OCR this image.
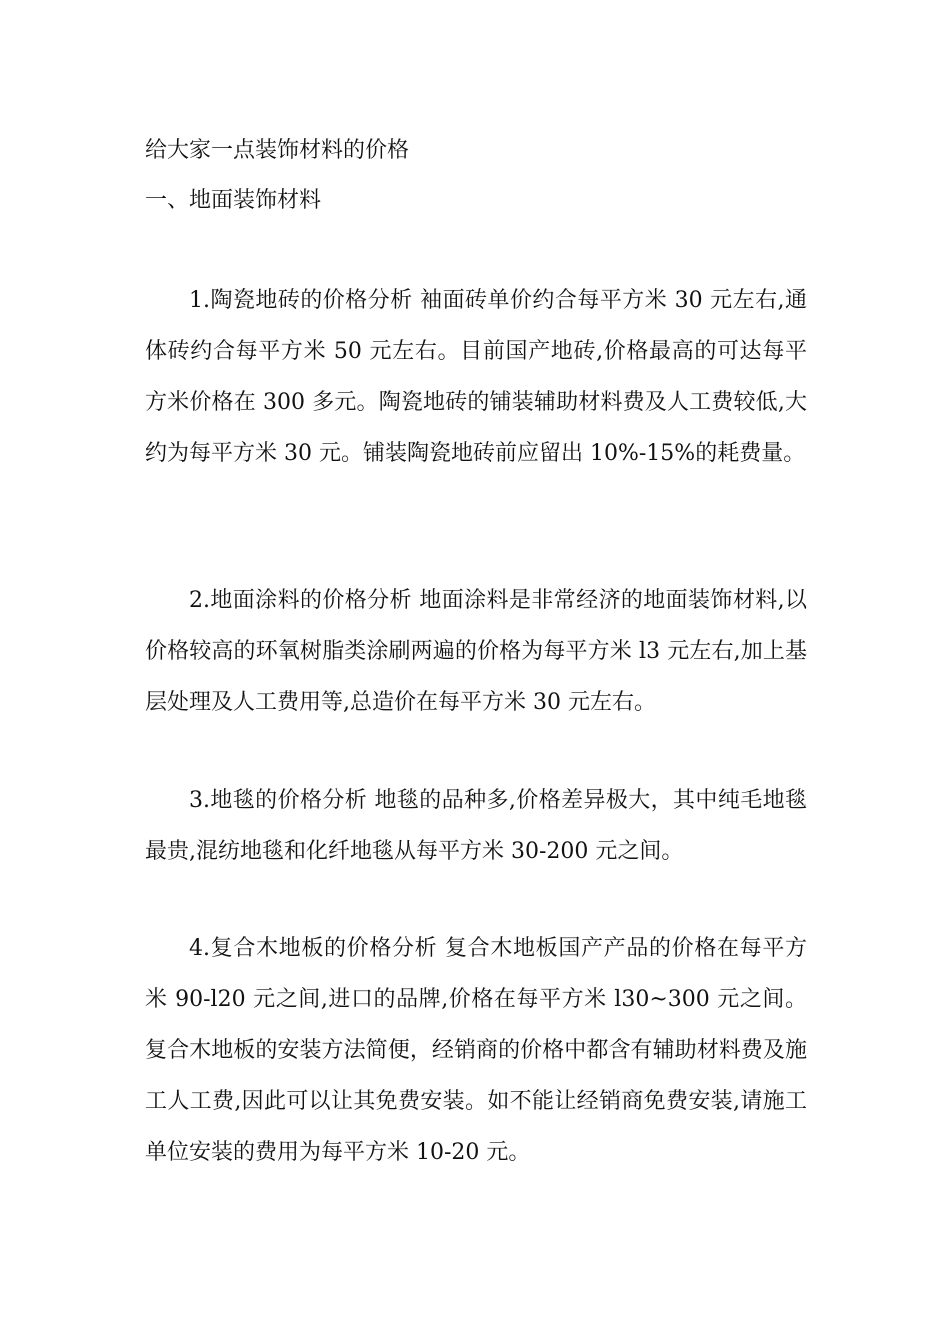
给大家一点装饰材料的价格
一、地面装饰材料

1.陶瓷地砖的价格分析 袖面砖单价约合每平方米 30 元左右,通体砖约合每平方米 50 元左右。目前国产地砖,价格最高的可达每平方米价格在 300 多元。陶瓷地砖的铺装辅助材料费及人工费较低,大约为每平方米 30 元。铺装陶瓷地砖前应留出 10%-15%的耗费量。

2.地面涂料的价格分析 地面涂料是非常经济的地面装饰材料,以价格较高的环氧树脂类涂刷两遍的价格为每平方米 l3 元左右,加上基层处理及人工费用等,总造价在每平方米 30 元左右。

3.地毯的价格分析 地毯的品种多,价格差异极大，其中纯毛地毯最贵,混纺地毯和化纤地毯从每平方米 30-200 元之间。

4.复合木地板的价格分析 复合木地板国产产品的价格在每平方米 90-l20 元之间,进口的品牌,价格在每平方米 l30~300 元之间。 复合木地板的安装方法简便，经销商的价格中都含有辅助材料费及施工人工费,因此可以让其免费安装。如不能让经销商免费安装,请施工单位安装的费用为每平方米 10-20 元。
